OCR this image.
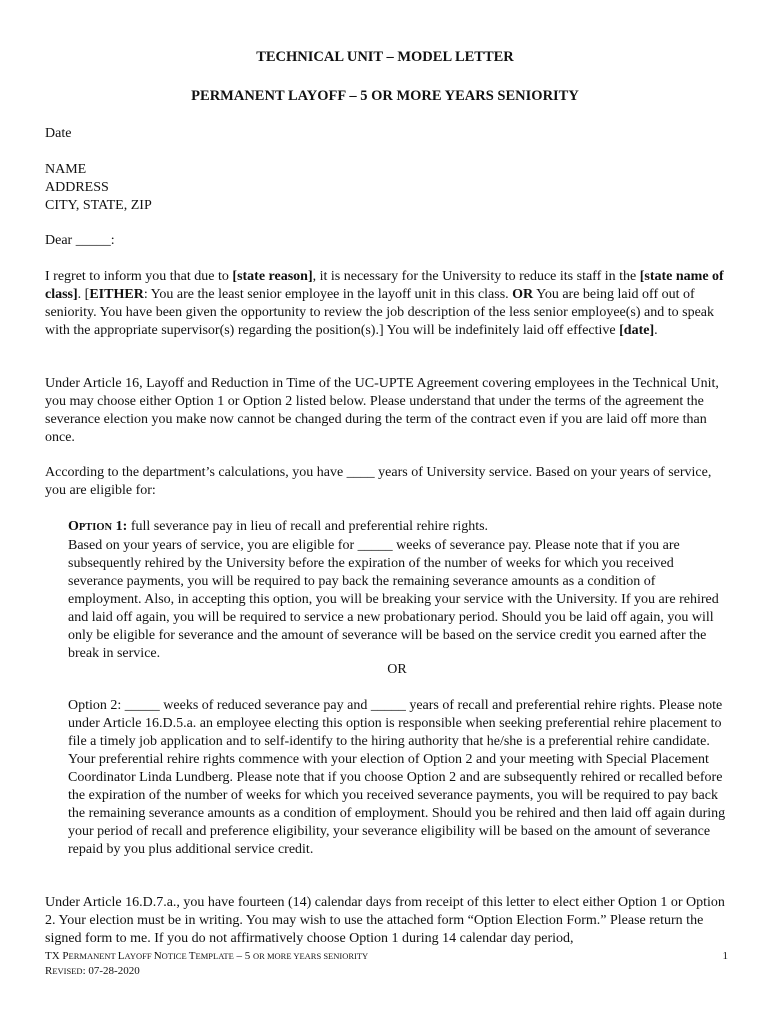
TECHNICAL UNIT – MODEL LETTER
PERMANENT LAYOFF – 5 OR MORE YEARS SENIORITY

Date

NAME
ADDRESS
CITY, STATE, ZIP

Dear _____:

I regret to inform you that due to [state reason], it is necessary for the University to reduce its staff in the [state name of class]. [EITHER: You are the least senior employee in the layoff unit in this class. OR You are being laid off out of seniority. You have been given the opportunity to review the job description of the less senior employee(s) and to speak with the appropriate supervisor(s) regarding the position(s).] You will be indefinitely laid off effective [date].

Under Article 16, Layoff and Reduction in Time of the UC-UPTE Agreement covering employees in the Technical Unit, you may choose either Option 1 or Option 2 listed below. Please understand that under the terms of the agreement the severance election you make now cannot be changed during the term of the contract even if you are laid off more than once.

According to the department’s calculations, you have ____ years of University service. Based on your years of service, you are eligible for:

OPTION 1: full severance pay in lieu of recall and preferential rehire rights.
Based on your years of service, you are eligible for _____ weeks of severance pay. Please note that if you are subsequently rehired by the University before the expiration of the number of weeks for which you received severance payments, you will be required to pay back the remaining severance amounts as a condition of employment. Also, in accepting this option, you will be breaking your service with the University. If you are rehired and laid off again, you will be required to service a new probationary period. Should you be laid off again, you will only be eligible for severance and the amount of severance will be based on the service credit you earned after the break in service.
OR

Option 2: _____ weeks of reduced severance pay and _____ years of recall and preferential rehire rights. Please note under Article 16.D.5.a. an employee electing this option is responsible when seeking preferential rehire placement to file a timely job application and to self-identify to the hiring authority that he/she is a preferential rehire candidate. Your preferential rehire rights commence with your election of Option 2 and your meeting with Special Placement Coordinator Linda Lundberg. Please note that if you choose Option 2 and are subsequently rehired or recalled before the expiration of the number of weeks for which you received severance payments, you will be required to pay back the remaining severance amounts as a condition of employment. Should you be rehired and then laid off again during your period of recall and preference eligibility, your severance eligibility will be based on the amount of severance repaid by you plus additional service credit.

Under Article 16.D.7.a., you have fourteen (14) calendar days from receipt of this letter to elect either Option 1 or Option 2. Your election must be in writing. You may wish to use the attached form “Option Election Form.” Please return the signed form to me. If you do not affirmatively choose Option 1 during 14 calendar day period,

TX PERMANENT LAYOFF NOTICE TEMPLATE – 5 OR MORE YEARS SENIORITY
REVISED: 07-28-2020
1
